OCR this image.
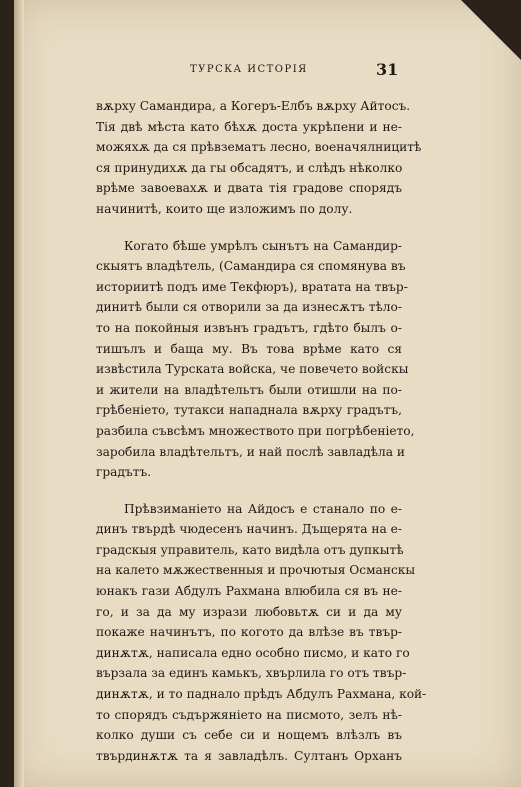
ТУРСКА ИСТОРIЯ	31
вѫрху Самандира, а Когеръ-Елбъ вѫрху Айтосъ.
Тiя двѣ мѣста като бѣхѫ доста укрѣпени и не-
можяхѫ да ся прѣвзематъ лесно, военачялницитѣ
ся принудихѫ да гы обсадятъ, и слѣдъ нѣколко
врѣме завоевахѫ и двата тiя градове спорядъ
начинитѣ, които ще изложимъ по долу.
Когато бѣше умрѣлъ сынътъ на Самандир-
скыятъ владѣтель, (Самандира ся спомянува въ
историитѣ подъ име Текфюръ), вратата на твър-
динитѣ были ся отворили за да изнесѫтъ тѣло-
то на покойныя извънъ градътъ, гдѣто былъ о-
тишълъ и баща му. Въ това врѣме като ся
извѣстила Турската войска, че повечето войскы
и жители на владѣтельтъ были отишли на по-
грѣбенiето, тутакси нападнала вѫрху градътъ,
разбила съвсѣмъ множеството при погрѣбенiето,
заробила владѣтельтъ, и най послѣ завладѣла и
градътъ.
Прѣвзиманiето на Айдосъ е станало по е-
динъ твърдѣ чюдесенъ начинъ. Дъщерята на е-
градскыя управитель, като видѣла отъ дупкытѣ
на калето мѫжественныя и прочютыя Османскы
юнакъ гази Абдулъ Рахмана влюбила ся въ не-
го, и за да му изрази любовьтѫ си и да му
покаже начинътъ, по когото да влѣзе въ твър-
динѫтѫ, написала едно особно писмо, и като го
вързала за единъ камькъ, хвърлила го отъ твър-
динѫтѫ, и то паднало прѣдъ Абдулъ Рахмана, кой-
то спорядъ съдържянiето на писмото, зелъ нѣ-
колко души съ себе си и нощемъ влѣзлъ въ
твърдинѫтѫ та я завладѣлъ. Султанъ Орханъ
